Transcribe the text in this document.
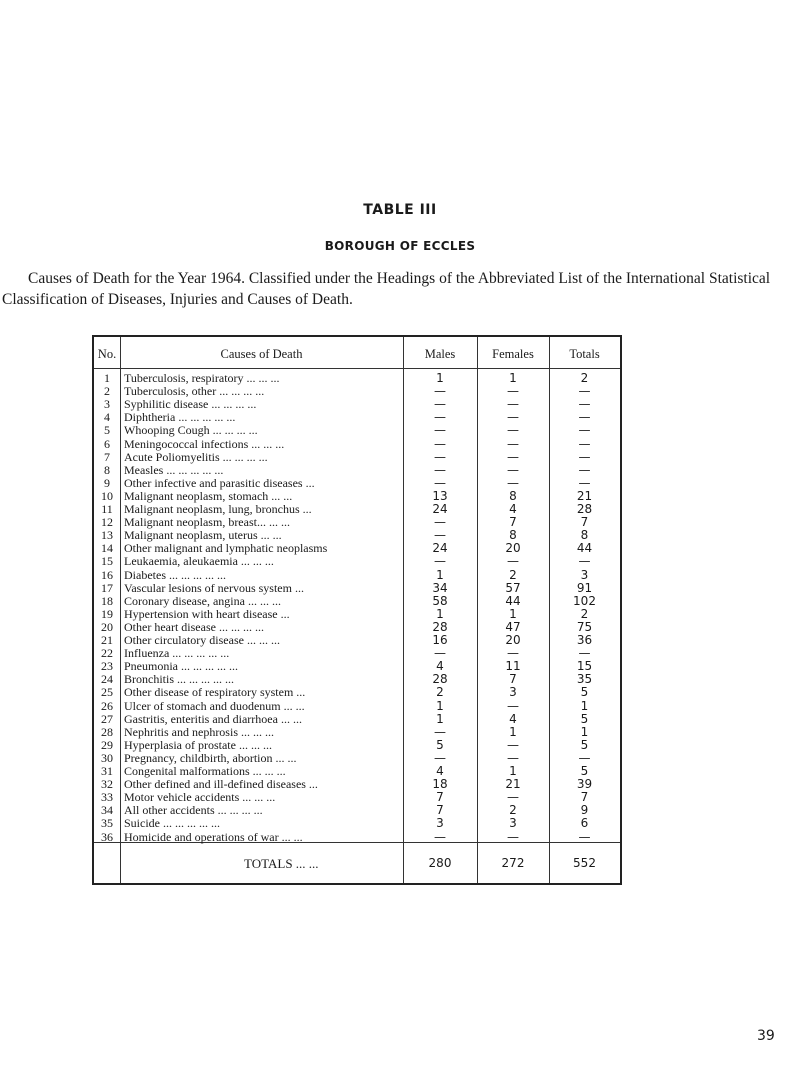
TABLE III
BOROUGH OF ECCLES
Causes of Death for the Year 1964. Classified under the Headings of the Abbreviated List of the International Statistical Classification of Diseases, Injuries and Causes of Death.
No.	Causes of Death	Males	Females	Totals
1	Tuberculosis, respiratory ... ... ...	1	1	2
2	Tuberculosis, other ... ... ... ...	—	—	—
3	Syphilitic disease ... ... ... ...	—	—	—
4	Diphtheria ... ... ... ... ...	—	—	—
5	Whooping Cough ... ... ... ...	—	—	—
6	Meningococcal infections ... ... ...	—	—	—
7	Acute Poliomyelitis ... ... ... ...	—	—	—
8	Measles ... ... ... ... ...	—	—	—
9	Other infective and parasitic diseases ...	—	—	—
10 Malignant neoplasm, stomach ... ...	13	8	21
11 Malignant neoplasm, lung, bronchus ...	24	4	28
12 Malignant neoplasm, breast... ... ...	—	7	7
13 Malignant neoplasm, uterus ... ...	—	8	8
14 Other malignant and lymphatic neoplasms	24	20	44
15 Leukaemia, aleukaemia ... ... ...	—	—	—
16 Diabetes ... ... ... ... ...	1	2	3
17 Vascular lesions of nervous system ...	34	57	91
18 Coronary disease, angina ... ... ...	58	44	102
19 Hypertension with heart disease ...	1	1	2
20 Other heart disease ... ... ... ...	28	47	75
21 Other circulatory disease ... ... ...	16	20	36
22 Influenza ... ... ... ... ...	—	—	—
23 Pneumonia ... ... ... ... ...	4	11	15
24 Bronchitis ... ... ... ... ...	28	7	35
25 Other disease of respiratory system ...	2	3	5
26 Ulcer of stomach and duodenum ... ...	1	—	1
27 Gastritis, enteritis and diarrhoea ... ...	1	4	5
28 Nephritis and nephrosis ... ... ...	—	1	1
29 Hyperplasia of prostate ... ... ...	5	—	5
30 Pregnancy, childbirth, abortion ... ...	—	—	—
31 Congenital malformations ... ... ...	4	1	5
32 Other defined and ill-defined diseases ...	18	21	39
33 Motor vehicle accidents ... ... ...	7	—	7
34 All other accidents ... ... ... ...	7	2	9
35 Suicide ... ... ... ... ...	3	3	6
36 Homicide and operations of war ... ...	—	—	—
TOTALS ... ...	280	272	552
39
